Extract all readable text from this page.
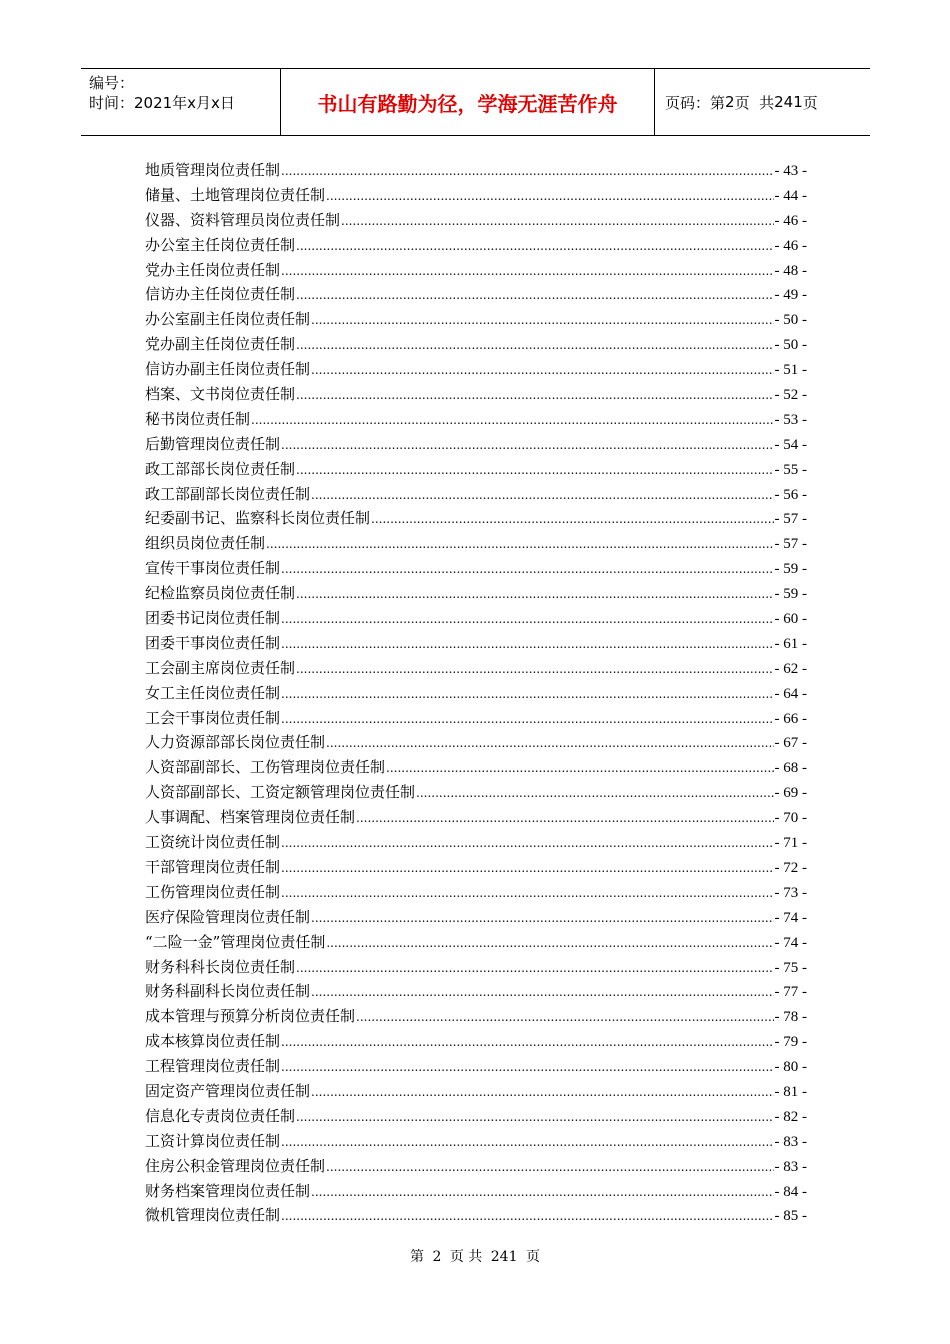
编号：
时间：2021年x月x日	书山有路勤为径，学海无涯苦作舟	页码：第 2 页  共 241 页
地质管理岗位责任制 .....	- 43 -
储量、土地管理岗位责任制 .....	- 44 -
仪器、资料管理员岗位责任制 .....	- 46 -
办公室主任岗位责任制 .....	- 46 -
党办主任岗位责任制 .....	- 48 -
信访办主任岗位责任制 .....	- 49 -
办公室副主任岗位责任制 .....	- 50 -
党办副主任岗位责任制 .....	- 50 -
信访办副主任岗位责任制 .....	- 51 -
档案、文书岗位责任制 .....	- 52 -
秘书岗位责任制 .....	- 53 -
后勤管理岗位责任制 .....	- 54 -
政工部部长岗位责任制 .....	- 55 -
政工部副部长岗位责任制 .....	- 56 -
纪委副书记、监察科长岗位责任制 .....	- 57 -
组织员岗位责任制 .....	- 57 -
宣传干事岗位责任制 .....	- 59 -
纪检监察员岗位责任制 .....	- 59 -
团委书记岗位责任制 .....	- 60 -
团委干事岗位责任制 .....	- 61 -
工会副主席岗位责任制 .....	- 62 -
女工主任岗位责任制 .....	- 64 -
工会干事岗位责任制 .....	- 66 -
人力资源部部长岗位责任制 .....	- 67 -
人资部副部长、工伤管理岗位责任制 .....	- 68 -
人资部副部长、工资定额管理岗位责任制 .....	- 69 -
人事调配、档案管理岗位责任制 .....	- 70 -
工资统计岗位责任制 .....	- 71 -
干部管理岗位责任制 .....	- 72 -
工伤管理岗位责任制 .....	- 73 -
医疗保险管理岗位责任制 .....	- 74 -
“二险一金”管理岗位责任制 .....	- 74 -
财务科科长岗位责任制 .....	- 75 -
财务科副科长岗位责任制 .....	- 77 -
成本管理与预算分析岗位责任制 .....	- 78 -
成本核算岗位责任制 .....	- 79 -
工程管理岗位责任制 .....	- 80 -
固定资产管理岗位责任制 .....	- 81 -
信息化专责岗位责任制 .....	- 82 -
工资计算岗位责任制 .....	- 83 -
住房公积金管理岗位责任制 .....	- 83 -
财务档案管理岗位责任制 .....	- 84 -
微机管理岗位责任制 .....	- 85 -
第 2 页 共 241 页
